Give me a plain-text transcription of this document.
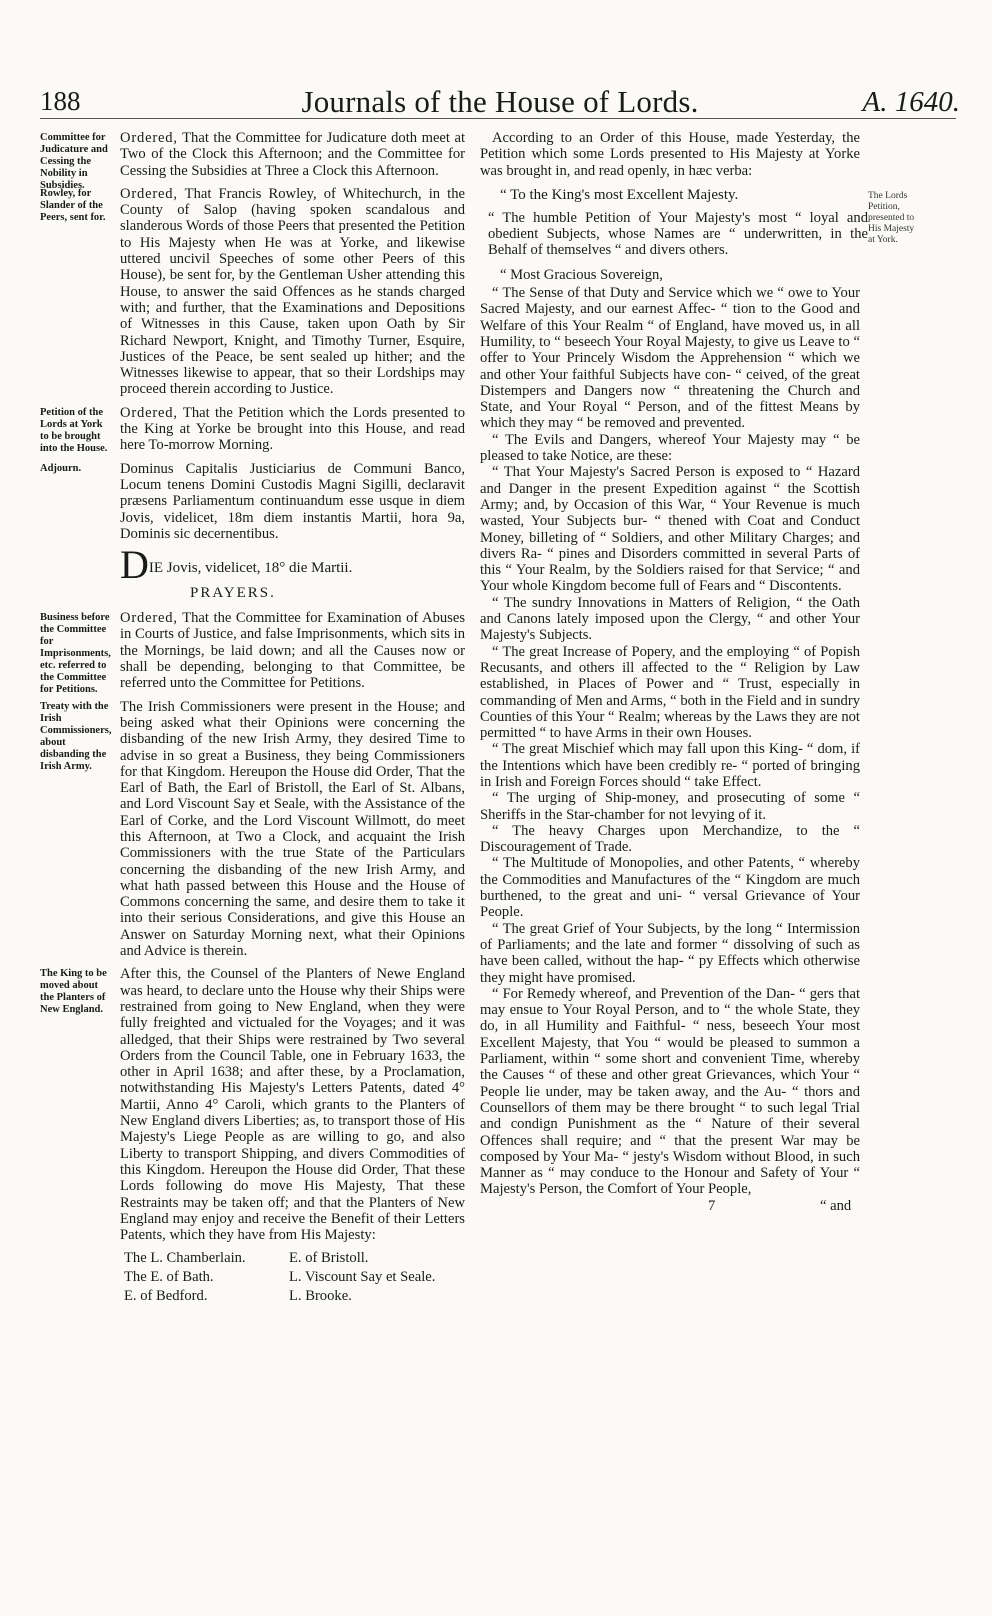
188	Journals of the House of Lords.	A. 1640.
Committee for Judicature and Cessing the Nobility in Subsidies.
Ordered, That the Committee for Judicature doth meet at Two of the Clock this Afternoon; and the Committee for Cessing the Subsidies at Three a Clock this Afternoon.
Rowley, for Slander of the Peers, sent for.
Ordered, That Francis Rowley, of Whitechurch, in the County of Salop (having spoken scandalous and slanderous Words of those Peers that presented the Petition to His Majesty when He was at Yorke, and likewise uttered uncivil Speeches of some other Peers of this House), be sent for, by the Gentleman Usher attending this House, to answer the said Offences as he stands charged with; and further, that the Examinations and Depositions of Witnesses in this Cause, taken upon Oath by Sir Richard Newport, Knight, and Timothy Turner, Esquire, Justices of the Peace, be sent sealed up hither; and the Witnesses likewise to appear, that so their Lordships may proceed therein according to Justice.
Petition of the Lords at York to be brought into the House.
Ordered, That the Petition which the Lords presented to the King at Yorke be brought into this House, and read here To-morrow Morning.
Adjourn.	Dominus Capitalis Justiciarius de Communi Banco, Locum tenens Domini Custodis Magni Sigilli, declaravit præsens Parliamentum continuandum esse usque in diem Jovis, videlicet, 18m diem instantis Martii, hora 9a, Dominis sic decernentibus.
DIE Jovis, videlicet, 18° die Martii.
PRAYERS.
Business before the Committee for Imprisonments, etc. referred to the Committee for Petitions.
Ordered, That the Committee for Examination of Abuses in Courts of Justice, and false Imprisonments, which sits in the Mornings, be laid down; and all the Causes now or shall be depending, belonging to that Committee, be referred unto the Committee for Petitions.
Treaty with the Irish Commissioners, about disbanding the Irish Army.
The Irish Commissioners were present in the House; and being asked what their Opinions were concerning the disbanding of the new Irish Army, they desired Time to advise in so great a Business, they being Commissioners for that Kingdom. Hereupon the House did Order, That the Earl of Bath, the Earl of Bristoll, the Earl of St. Albans, and Lord Viscount Say et Seale, with the Assistance of the Earl of Corke, and the Lord Viscount Willmott, do meet this Afternoon, at Two a Clock, and acquaint the Irish Commissioners with the true State of the Particulars concerning the disbanding of the new Irish Army, and what hath passed between this House and the House of Commons concerning the same, and desire them to take it into their serious Considerations, and give this House an Answer on Saturday Morning next, what their Opinions and Advice is therein.
The King to be moved about the Planters of New England.
After this, the Counsel of the Planters of Newe England was heard, to declare unto the House why their Ships were restrained from going to New England, when they were fully freighted and victualed for the Voyages; and it was alledged, that their Ships were restrained by Two several Orders from the Council Table, one in February 1633, the other in April 1638; and after these, by a Proclamation, notwithstanding His Majesty's Letters Patents, dated 4° Martii, Anno 4° Caroli, which grants to the Planters of New England divers Liberties; as, to transport those of His Majesty's Liege People as are willing to go, and also Liberty to transport Shipping, and divers Commodities of this Kingdom. Hereupon the House did Order, That these Lords following do move His Majesty, That these Restraints may be taken off; and that the Planters of New England may enjoy and receive the Benefit of their Letters Patents, which they have from His Majesty:
The L. Chamberlain.	E. of Bristoll.
The E. of Bath.	L. Viscount Say et Seale.
E. of Bedford.	L. Brooke.
According to an Order of this House, made Yesterday, the Petition which some Lords presented to His Majesty at Yorke was brought in, and read openly, in hæc verba:
“ To the King's most Excellent Majesty.	The Lords Petition, presented to His Majesty at York.
“ The humble Petition of Your Majesty's most “ loyal and obedient Subjects, whose Names are “ underwritten, in the Behalf of themselves “ and divers others.
“ Most Gracious Sovereign,
“ The Sense of that Duty and Service which we “ owe to Your Sacred Majesty, and our earnest Affec- “ tion to the Good and Welfare of this Your Realm “ of England, have moved us, in all Humility, to “ beseech Your Royal Majesty, to give us Leave to “ offer to Your Princely Wisdom the Apprehension “ which we and other Your faithful Subjects have con- “ ceived, of the great Distempers and Dangers now “ threatening the Church and State, and Your Royal “ Person, and of the fittest Means by which they may “ be removed and prevented.
“ The Evils and Dangers, whereof Your Majesty may “ be pleased to take Notice, are these:
“ That Your Majesty's Sacred Person is exposed to “ Hazard and Danger in the present Expedition against “ the Scottish Army; and, by Occasion of this War, “ Your Revenue is much wasted, Your Subjects bur- “ thened with Coat and Conduct Money, billeting of “ Soldiers, and other Military Charges; and divers Ra- “ pines and Disorders committed in several Parts of this “ Your Realm, by the Soldiers raised for that Service; “ and Your whole Kingdom become full of Fears and “ Discontents.
“ The sundry Innovations in Matters of Religion, “ the Oath and Canons lately imposed upon the Clergy, “ and other Your Majesty's Subjects.
“ The great Increase of Popery, and the employing “ of Popish Recusants, and others ill affected to the “ Religion by Law established, in Places of Power and “ Trust, especially in commanding of Men and Arms, “ both in the Field and in sundry Counties of this Your “ Realm; whereas by the Laws they are not permitted “ to have Arms in their own Houses.
“ The great Mischief which may fall upon this King- “ dom, if the Intentions which have been credibly re- “ ported of bringing in Irish and Foreign Forces should “ take Effect.
“ The urging of Ship-money, and prosecuting of some “ Sheriffs in the Star-chamber for not levying of it.
“ The heavy Charges upon Merchandize, to the “ Discouragement of Trade.
“ The Multitude of Monopolies, and other Patents, “ whereby the Commodities and Manufactures of the “ Kingdom are much burthened, to the great and uni- “ versal Grievance of Your People.
“ The great Grief of Your Subjects, by the long “ Intermission of Parliaments; and the late and former “ dissolving of such as have been called, without the hap- “ py Effects which otherwise they might have promised.
“ For Remedy whereof, and Prevention of the Dan- “ gers that may ensue to Your Royal Person, and to “ the whole State, they do, in all Humility and Faithful- “ ness, beseech Your most Excellent Majesty, that You “ would be pleased to summon a Parliament, within “ some short and convenient Time, whereby the Causes “ of these and other great Grievances, which Your “ People lie under, may be taken away, and the Au- “ thors and Counsellors of them may be there brought “ to such legal Trial and condign Punishment as the “ Nature of their several Offences shall require; and “ that the present War may be composed by Your Ma- “ jesty's Wisdom without Blood, in such Manner as “ may conduce to the Honour and Safety of Your “ Majesty's Person, the Comfort of Your People,
7	“ and
